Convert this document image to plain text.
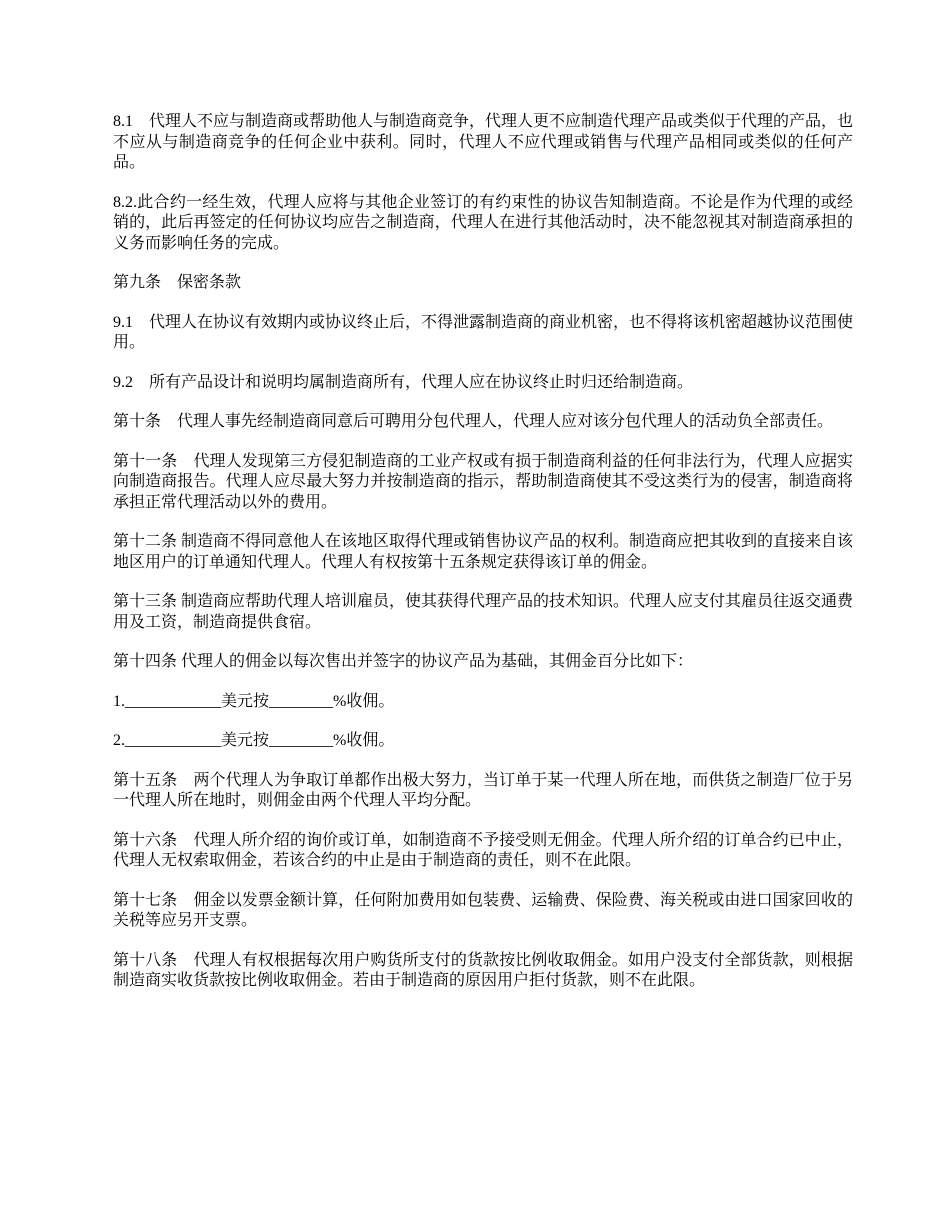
8.1　代理人不应与制造商或帮助他人与制造商竞争，代理人更不应制造代理产品或类似于代理的产品，也不应从与制造商竞争的任何企业中获利。同时，代理人不应代理或销售与代理产品相同或类似的任何产品。

8.2.此合约一经生效，代理人应将与其他企业签订的有约束性的协议告知制造商。不论是作为代理的或经销的，此后再签定的任何协议均应告之制造商，代理人在进行其他活动时，决不能忽视其对制造商承担的义务而影响任务的完成。

第九条　保密条款

9.1　代理人在协议有效期内或协议终止后，不得泄露制造商的商业机密，也不得将该机密超越协议范围使用。

9.2　所有产品设计和说明均属制造商所有，代理人应在协议终止时归还给制造商。

第十条　代理人事先经制造商同意后可聘用分包代理人，代理人应对该分包代理人的活动负全部责任。

第十一条　代理人发现第三方侵犯制造商的工业产权或有损于制造商利益的任何非法行为，代理人应据实向制造商报告。代理人应尽最大努力并按制造商的指示，帮助制造商使其不受这类行为的侵害，制造商将承担正常代理活动以外的费用。

第十二条 制造商不得同意他人在该地区取得代理或销售协议产品的权利。制造商应把其收到的直接来自该地区用户的订单通知代理人。代理人有权按第十五条规定获得该订单的佣金。

第十三条 制造商应帮助代理人培训雇员，使其获得代理产品的技术知识。代理人应支付其雇员往返交通费用及工资，制造商提供食宿。

第十四条 代理人的佣金以每次售出并签字的协议产品为基础，其佣金百分比如下：

1.____________美元按________%收佣。

2.____________美元按________%收佣。

第十五条　两个代理人为争取订单都作出极大努力，当订单于某一代理人所在地，而供货之制造厂位于另一代理人所在地时，则佣金由两个代理人平均分配。

第十六条　代理人所介绍的询价或订单，如制造商不予接受则无佣金。代理人所介绍的订单合约已中止，代理人无权索取佣金，若该合约的中止是由于制造商的责任，则不在此限。

第十七条　佣金以发票金额计算，任何附加费用如包装费、运输费、保险费、海关税或由进口国家回收的关税等应另开支票。

第十八条　代理人有权根据每次用户购货所支付的货款按比例收取佣金。如用户没支付全部货款，则根据制造商实收货款按比例收取佣金。若由于制造商的原因用户拒付货款，则不在此限。
